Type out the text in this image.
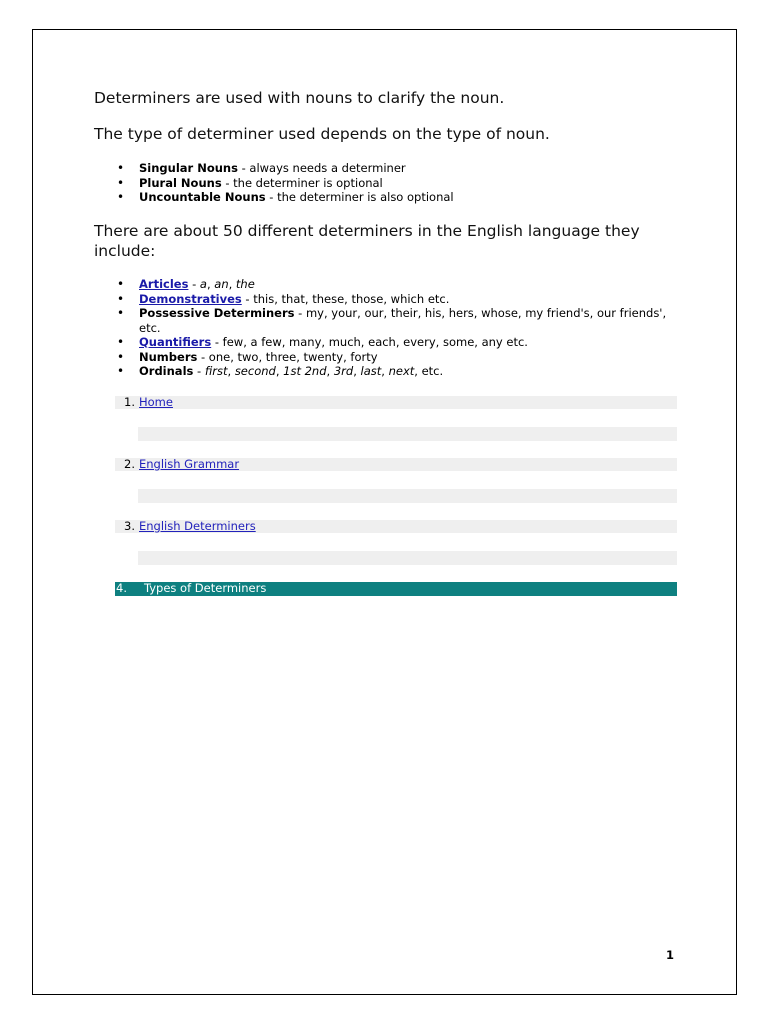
Determiners are used with nouns to clarify the noun.

The type of determiner used depends on the type of noun.

• Singular Nouns - always needs a determiner
• Plural Nouns - the determiner is optional
• Uncountable Nouns - the determiner is also optional

There are about 50 different determiners in the English language they include:

• Articles - a, an, the
• Demonstratives - this, that, these, those, which etc.
• Possessive Determiners - my, your, our, their, his, hers, whose, my friend's, our friends', etc.
• Quantifiers - few, a few, many, much, each, every, some, any etc.
• Numbers - one, two, three, twenty, forty
• Ordinals - first, second, 1st 2nd, 3rd, last, next, etc.
1. Home
2. English Grammar
3. English Determiners
4. Types of Determiners
1
